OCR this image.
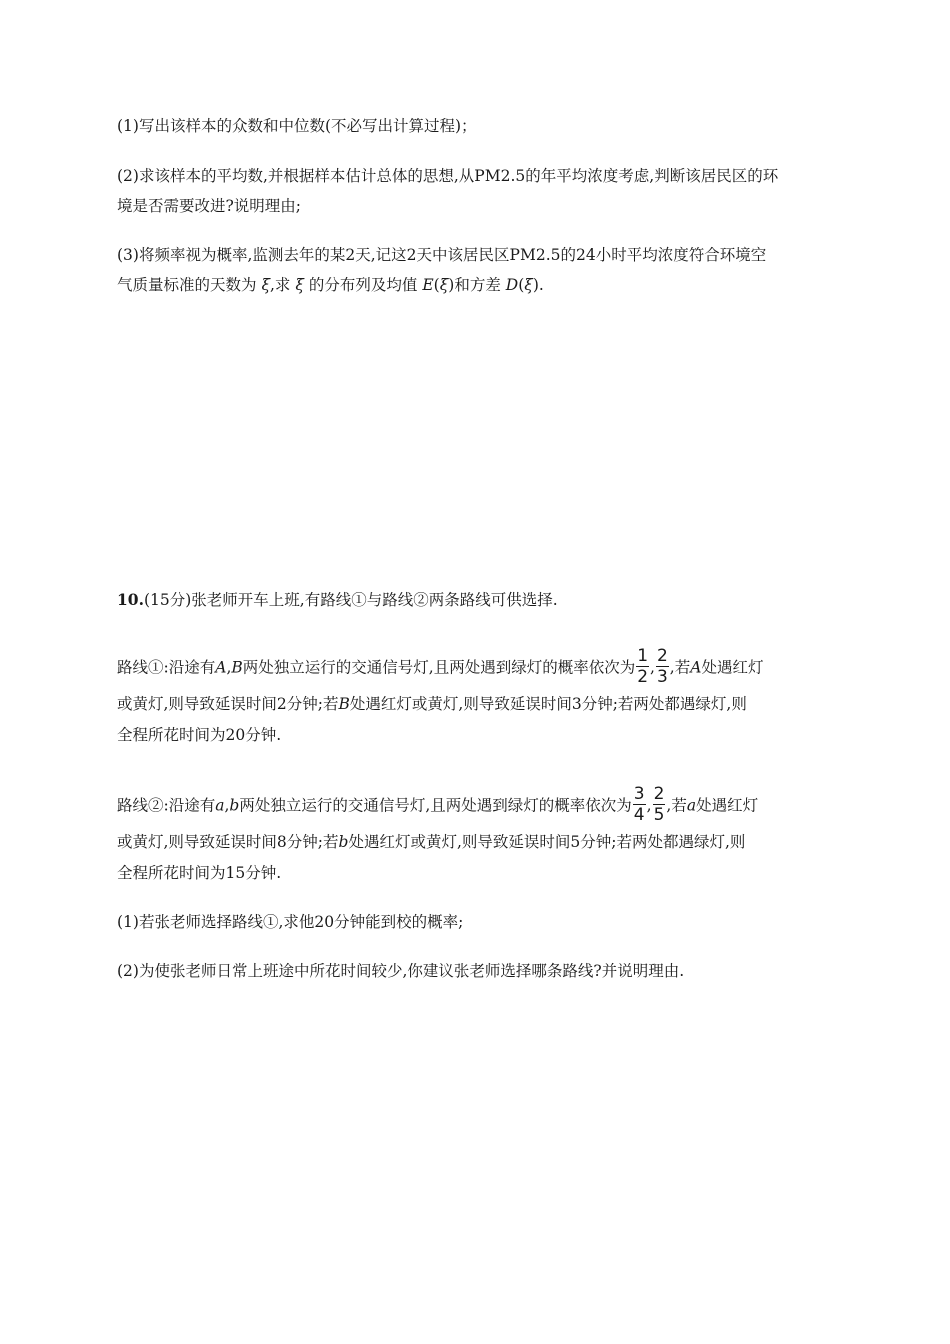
(1)写出该样本的众数和中位数(不必写出计算过程)；
(2)求该样本的平均数,并根据样本估计总体的思想,从PM2.5的年平均浓度考虑,判断该居民区的环
境是否需要改进?说明理由;
(3)将频率视为概率,监测去年的某2天,记这2天中该居民区PM2.5的24小时平均浓度符合环境空
气质量标准的天数为 ξ,求 ξ 的分布列及均值 E(ξ)和方差 D(ξ).
10.(15分)张老师开车上班,有路线①与路线②两条路线可供选择.
路线①:沿途有A,B两处独立运行的交通信号灯,且两处遇到绿灯的概率依次为 $\frac{1}{2}$ , $\frac{2}{3}$ ,若A处遇红灯
或黄灯,则导致延误时间2分钟;若B处遇红灯或黄灯,则导致延误时间3分钟;若两处都遇绿灯,则
全程所花时间为20分钟.
路线②:沿途有a,b两处独立运行的交通信号灯,且两处遇到绿灯的概率依次为 $\frac{3}{4}$ , $\frac{2}{5}$ ,若a处遇红灯
或黄灯,则导致延误时间8分钟;若b处遇红灯或黄灯,则导致延误时间5分钟;若两处都遇绿灯,则
全程所花时间为15分钟.
(1)若张老师选择路线①,求他20分钟能到校的概率;
(2)为使张老师日常上班途中所花时间较少,你建议张老师选择哪条路线?并说明理由.
